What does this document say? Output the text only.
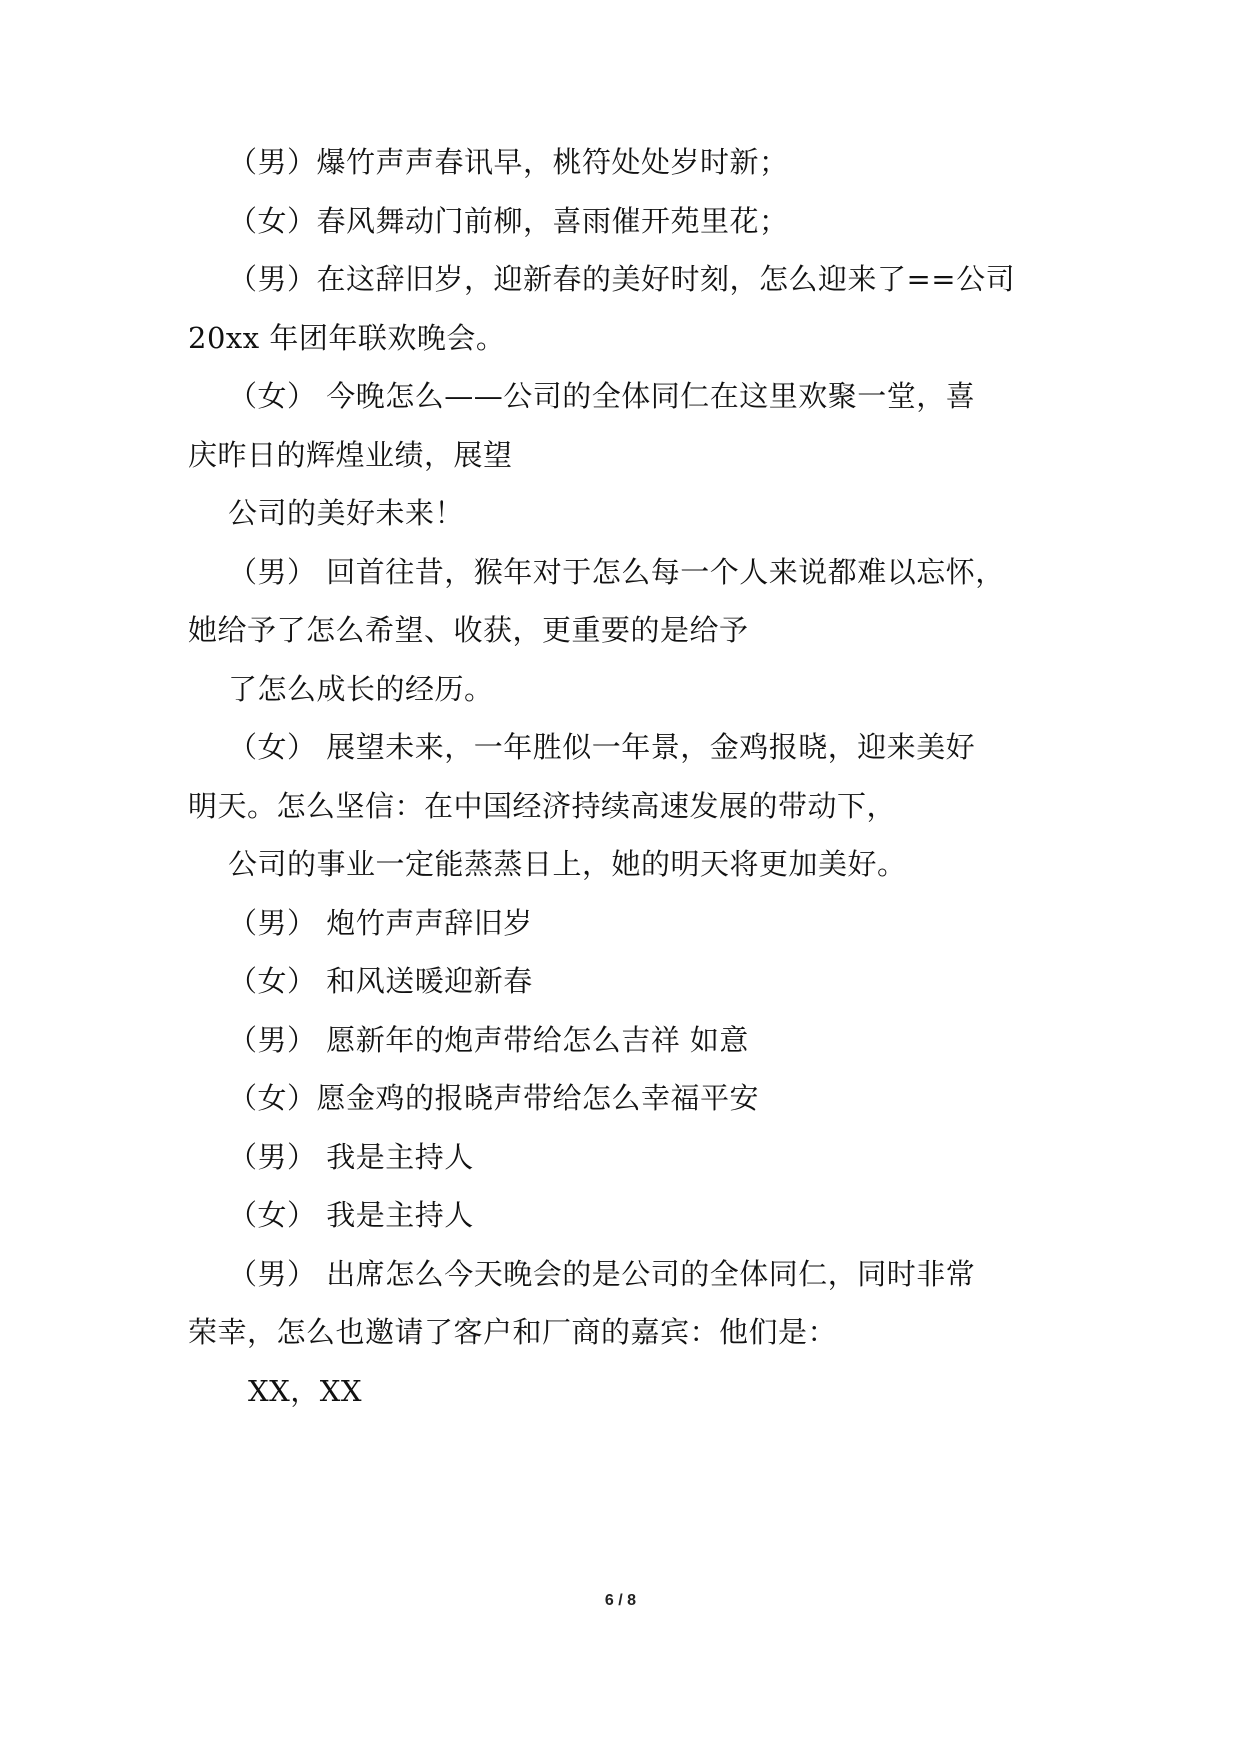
（男）爆竹声声春讯早，桃符处处岁时新；
（女）春风舞动门前柳，喜雨催开苑里花；
（男）在这辞旧岁，迎新春的美好时刻，怎么迎来了==公司
20xx 年团年联欢晚会。
（女） 今晚怎么——公司的全体同仁在这里欢聚一堂，喜
庆昨日的辉煌业绩，展望
公司的美好未来！
（男） 回首往昔，猴年对于怎么每一个人来说都难以忘怀，
她给予了怎么希望、收获，更重要的是给予
了怎么成长的经历。
（女） 展望未来，一年胜似一年景，金鸡报晓，迎来美好
明天。怎么坚信：在中国经济持续高速发展的带动下，
公司的事业一定能蒸蒸日上，她的明天将更加美好。
（男） 炮竹声声辞旧岁
（女） 和风送暖迎新春
（男） 愿新年的炮声带给怎么吉祥 如意
（女）愿金鸡的报晓声带给怎么幸福平安
（男） 我是主持人
（女） 我是主持人
（男） 出席怎么今天晚会的是公司的全体同仁，同时非常
荣幸，怎么也邀请了客户和厂商的嘉宾：他们是：
XX，XX
6 / 8
